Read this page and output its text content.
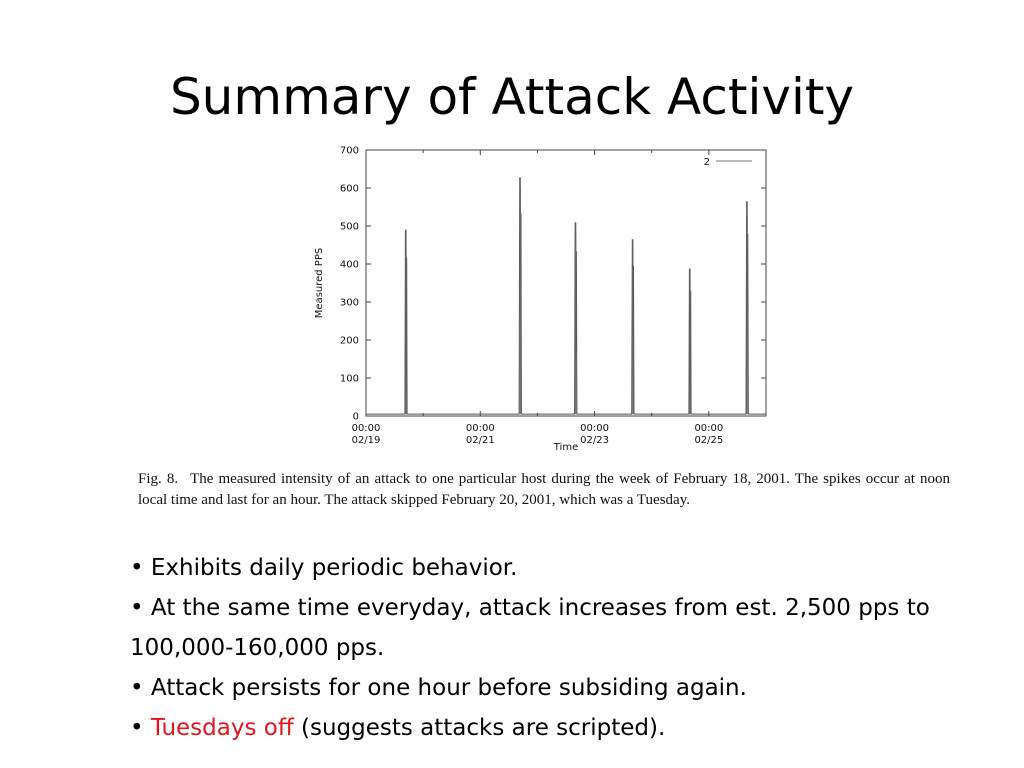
Summary of Attack Activity
0
100
200
300
400
500
600
700
00:00
02/19
00:00
02/21
00:00
02/23
00:00
02/25
Time
Measured PPS
2
Fig. 8. The measured intensity of an attack to one particular host during the week of February 18, 2001. The spikes occur at noon local time and last for an hour. The attack skipped February 20, 2001, which was a Tuesday.
• Exhibits daily periodic behavior.
• At the same time everyday, attack increases from est. 2,500 pps to 100,000-160,000 pps.
• Attack persists for one hour before subsiding again.
• Tuesdays off (suggests attacks are scripted).
